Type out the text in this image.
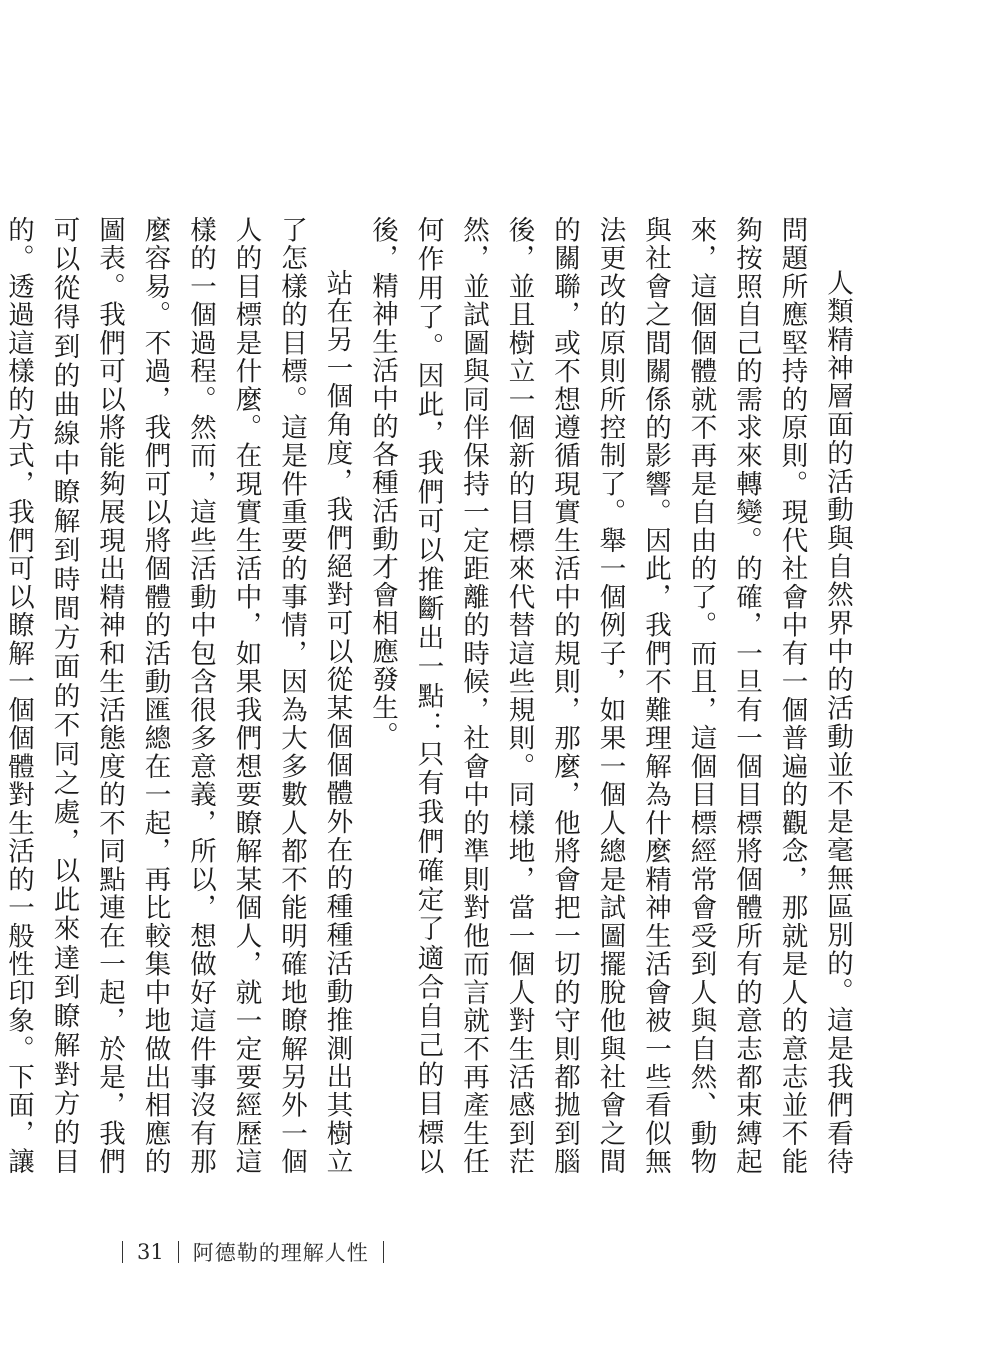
人類精神層面的活動與自然界中的活動並不是毫無區別的。這是我們看待問題所應堅持的原則。現代社會中有一個普遍的觀念，那就是人的意志並不能夠按照自己的需求來轉變。的確，一旦有一個目標將個體所有的意志都束縛起來，這個個體就不再是自由的了。而且，這個目標經常會受到人與自然、動物與社會之間關係的影響。因此，我們不難理解為什麼精神生活會被一些看似無法更改的原則所控制了。舉一個例子，如果一個人總是試圖擺脫他與社會之間的關聯，或不想遵循現實生活中的規則，那麼，他將會把一切的守則都拋到腦後，並且樹立一個新的目標來代替這些規則。同樣地，當一個人對生活感到茫然，並試圖與同伴保持一定距離的時候，社會中的準則對他而言就不再產生任何作用了。因此，我們可以推斷出一點：只有我們確定了適合自己的目標以後，精神生活中的各種活動才會相應發生。

站在另一個角度，我們絕對可以從某個個體外在的種種活動推測出其樹立了怎樣的目標。這是件重要的事情，因為大多數人都不能明確地瞭解另外一個人的目標是什麼。在現實生活中，如果我們想要瞭解某個人，就一定要經歷這樣的一個過程。然而，這些活動中包含很多意義，所以，想做好這件事沒有那麼容易。不過，我們可以將個體的活動匯總在一起，再比較集中地做出相應的圖表。我們可以將能夠展現出精神和生活態度的不同點連在一起，於是，我們可以從得到的曲線中瞭解到時間方面的不同之處，以此來達到瞭解對方的目的。透過這樣的方式，我們可以瞭解一個個體對生活的一般性印象。下面，讓

31 阿德勒的理解人性
